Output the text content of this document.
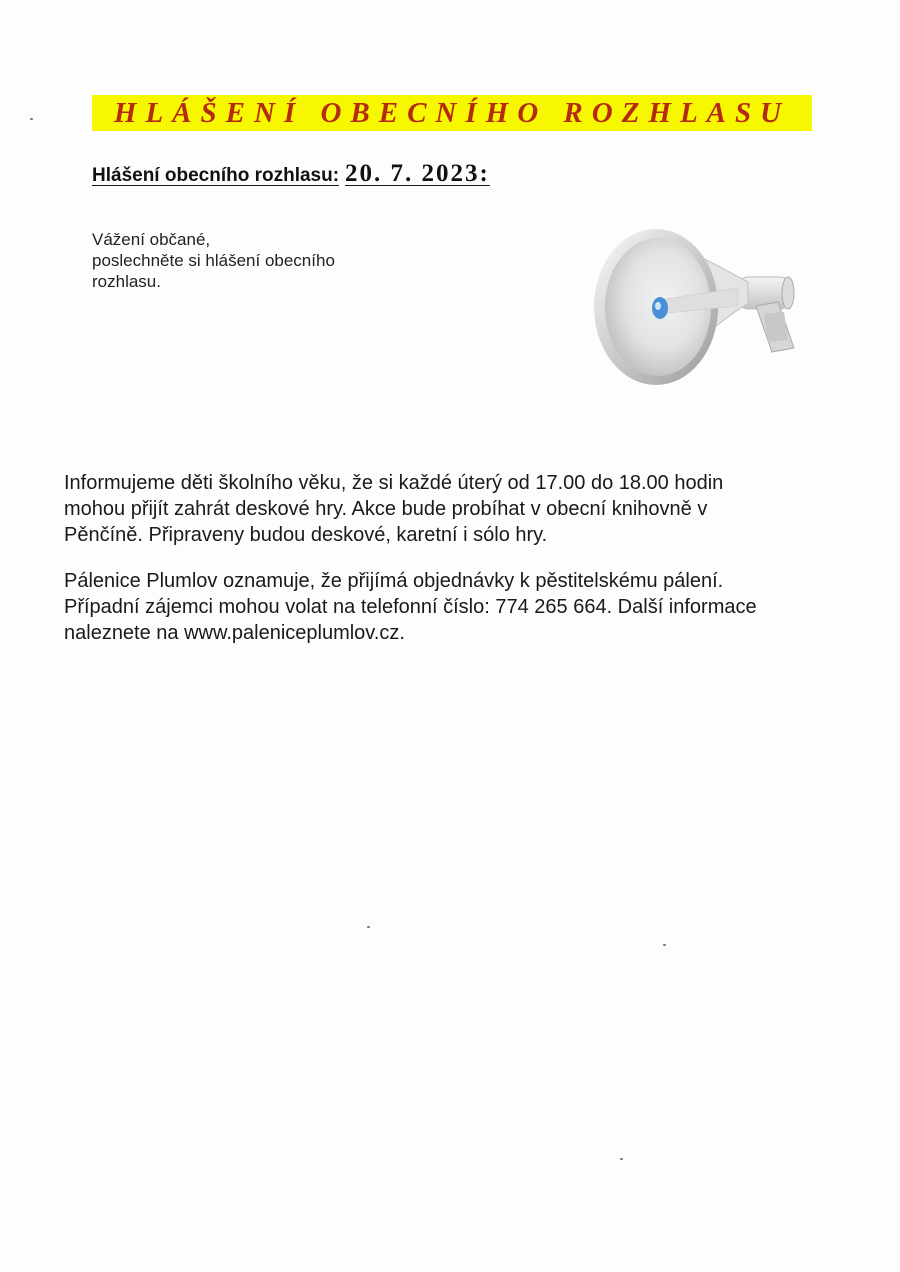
HLÁŠENÍ OBECNÍHO ROZHLASU
Hlášení obecního rozhlasu: 20. 7. 2023:
Vážení občané,
poslechněte si hlášení obecního
rozhlasu.
Informujeme děti školního věku, že si každé úterý od 17.00 do 18.00 hodin
mohou přijít zahrát deskové hry. Akce bude probíhat v obecní knihovně v
Pěnčíně. Připraveny budou deskové, karetní i sólo hry.
Pálenice Plumlov oznamuje, že přijímá objednávky k pěstitelskému pálení.
Případní zájemci mohou volat na telefonní číslo: 774 265 664. Další informace
naleznete na www.paleniceplumlov.cz.
